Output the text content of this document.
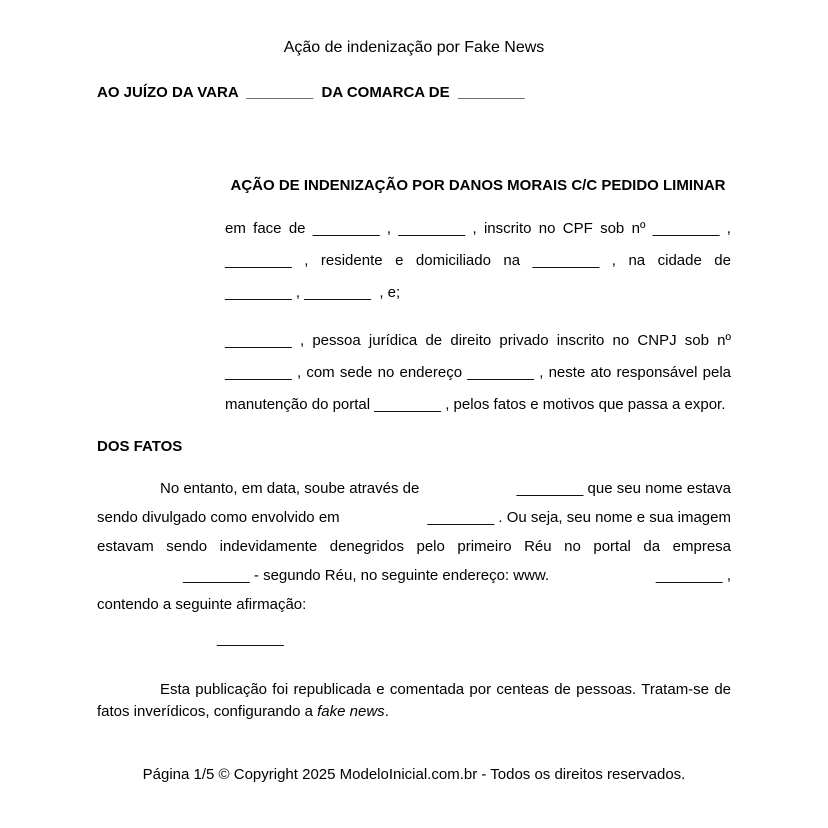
Ação de indenização por Fake News
AO JUÍZO DA VARA ________ DA COMARCA DE ________
AÇÃO DE INDENIZAÇÃO POR DANOS MORAIS C/C PEDIDO LIMINAR
em face de ________ , ________ , inscrito no CPF sob nº ________ ,
________ , residente e domiciliado na ________ , na cidade de
________ , ________ , e;
________ , pessoa jurídica de direito privado inscrito no CNPJ sob nº
________ , com sede no endereço ________ , neste ato responsável pela
manutenção do portal ________ , pelos fatos e motivos que passa a expor.
DOS FATOS
No entanto, em data, soube através de	________ que seu nome estava
sendo divulgado como envolvido em	________ . Ou seja, seu nome e sua imagem
estavam sendo indevidamente denegridos pelo primeiro Réu no portal da empresa
________ - segundo Réu, no seguinte endereço: www.	________ ,
contendo a seguinte afirmação:
________
Esta publicação foi republicada e comentada por centeas de pessoas. Tratam-se de
fatos inverídicos, configurando a fake news .
Página 1/5 © Copyright 2025 ModeloInicial.com.br - Todos os direitos reservados.
